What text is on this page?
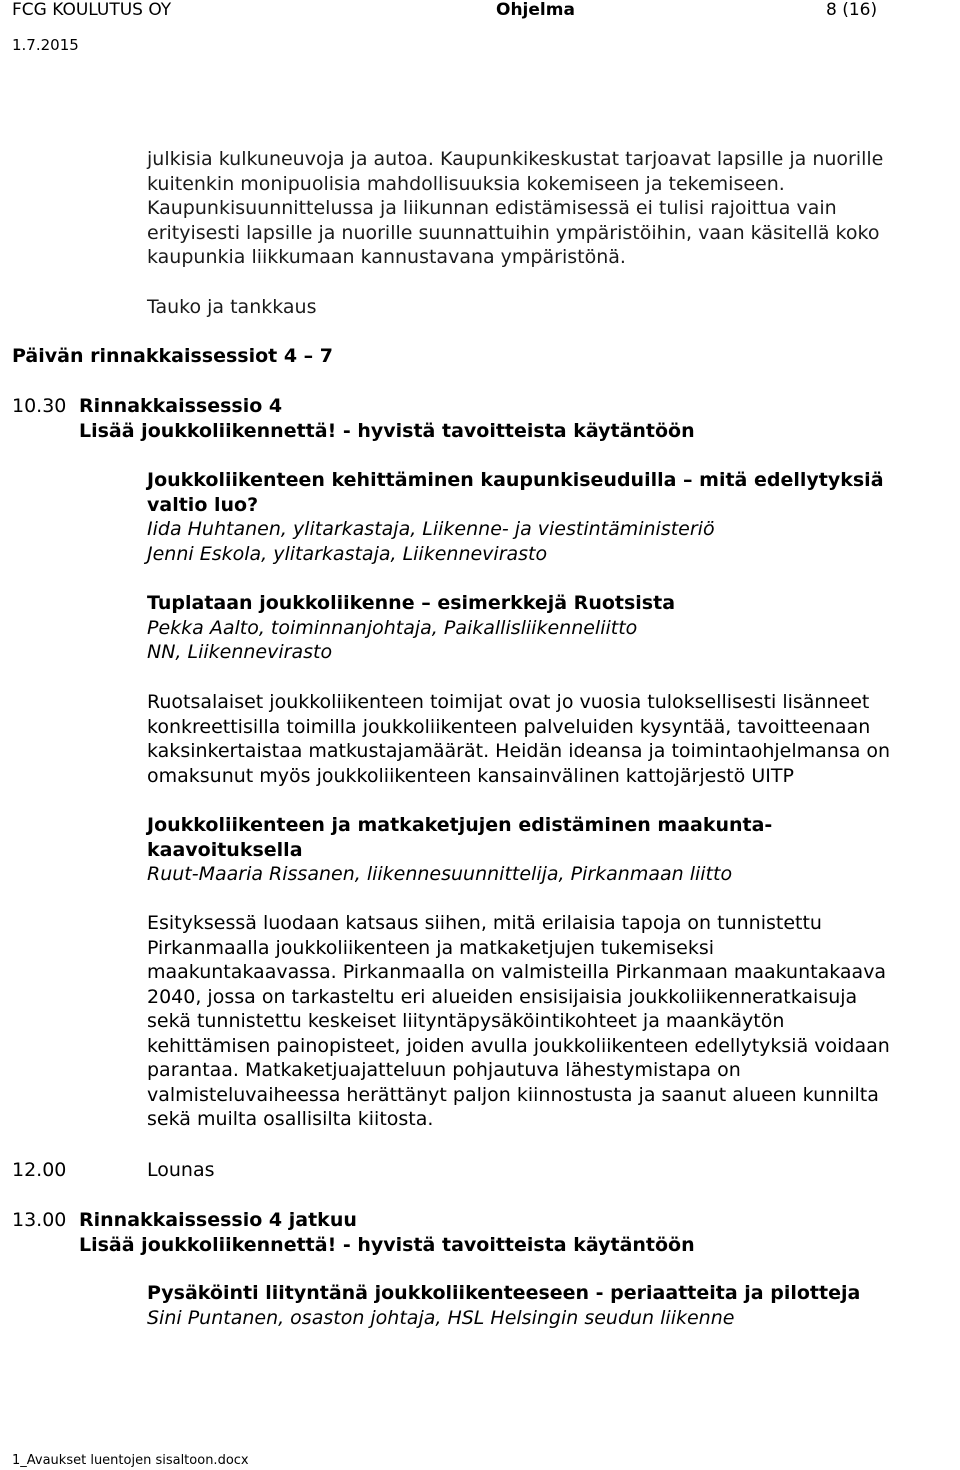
FCG KOULUTUS OY	Ohjelma	8 (16)
1.7.2015
julkisia kulkuneuvoja ja autoa. Kaupunkikeskustat tarjoavat lapsille ja nuorille
kuitenkin monipuolisia mahdollisuuksia kokemiseen ja tekemiseen.
Kaupunkisuunnittelussa ja liikunnan edistämisessä ei tulisi rajoittua vain
erityisesti lapsille ja nuorille suunnattuihin ympäristöihin, vaan käsitellä koko
kaupunkia liikkumaan kannustavana ympäristönä.
Tauko ja tankkaus
Päivän rinnakkaissessiot 4 – 7
10.30 Rinnakkaissessio 4
Lisää joukkoliikennettä! - hyvistä tavoitteista käytäntöön
Joukkoliikenteen kehittäminen kaupunkiseuduilla – mitä edellytyksiä
valtio luo?
Iida Huhtanen, ylitarkastaja, Liikenne- ja viestintäministeriö
Jenni Eskola, ylitarkastaja, Liikennevirasto
Tuplataan joukkoliikenne – esimerkkejä Ruotsista
Pekka Aalto, toiminnanjohtaja, Paikallisliikenneliitto
NN, Liikennevirasto
Ruotsalaiset joukkoliikenteen toimijat ovat jo vuosia tuloksellisesti lisänneet
konkreettisilla toimilla joukkoliikenteen palveluiden kysyntää, tavoitteenaan
kaksinkertaistaa matkustajamäärät. Heidän ideansa ja toimintaohjelmansa on
omaksunut myös joukkoliikenteen kansainvälinen kattojärjestö UITP
Joukkoliikenteen ja matkaketjujen edistäminen maakunta-
kaavoituksella
Ruut-Maaria Rissanen, liikennesuunnittelija, Pirkanmaan liitto
Esityksessä luodaan katsaus siihen, mitä erilaisia tapoja on tunnistettu
Pirkanmaalla joukkoliikenteen ja matkaketjujen tukemiseksi
maakuntakaavassa. Pirkanmaalla on valmisteilla Pirkanmaan maakuntakaava
2040, jossa on tarkasteltu eri alueiden ensisijaisia joukkoliikenneratkaisuja
sekä tunnistettu keskeiset liityntäpysäköintikohteet ja maankäytön
kehittämisen painopisteet, joiden avulla joukkoliikenteen edellytyksiä voidaan
parantaa. Matkaketjuajatteluun pohjautuva lähestymistapa on
valmisteluvaiheessa herättänyt paljon kiinnostusta ja saanut alueen kunnilta
sekä muilta osallisilta kiitosta.
12.00	Lounas
13.00 Rinnakkaissessio 4 jatkuu
Lisää joukkoliikennettä! - hyvistä tavoitteista käytäntöön
Pysäköinti liityntänä joukkoliikenteeseen - periaatteita ja pilotteja
Sini Puntanen, osaston johtaja, HSL Helsingin seudun liikenne
1_Avaukset luentojen sisaltoon.docx
